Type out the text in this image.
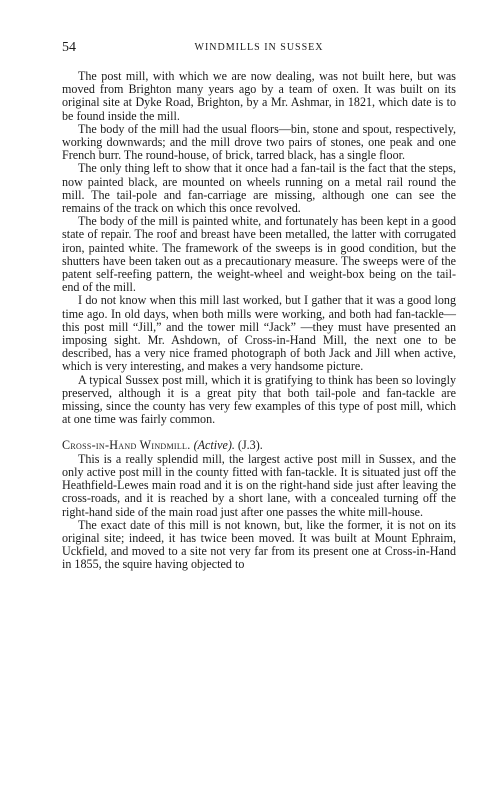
54	WINDMILLS IN SUSSEX

The post mill, with which we are now dealing, was not built here, but was moved from Brighton many years ago by a team of oxen. It was built on its original site at Dyke Road, Brighton, by a Mr. Ashmar, in 1821, which date is to be found inside the mill.

The body of the mill had the usual floors—bin, stone and spout, respectively, working downwards; and the mill drove two pairs of stones, one peak and one French burr. The round-house, of brick, tarred black, has a single floor.

The only thing left to show that it once had a fan-tail is the fact that the steps, now painted black, are mounted on wheels running on a metal rail round the mill. The tail-pole and fan-carriage are missing, although one can see the remains of the track on which this once revolved.

The body of the mill is painted white, and fortunately has been kept in a good state of repair. The roof and breast have been metalled, the latter with corrugated iron, painted white. The framework of the sweeps is in good condition, but the shutters have been taken out as a precautionary measure. The sweeps were of the patent self-reefing pattern, the weight-wheel and weight-box being on the tail-end of the mill.

I do not know when this mill last worked, but I gather that it was a good long time ago. In old days, when both mills were working, and both had fan-tackle—this post mill “Jill,” and the tower mill “Jack” —they must have presented an imposing sight. Mr. Ashdown, of Cross-in-Hand Mill, the next one to be described, has a very nice framed photograph of both Jack and Jill when active, which is very interesting, and makes a very handsome picture.

A typical Sussex post mill, which it is gratifying to think has been so lovingly preserved, although it is a great pity that both tail-pole and fan-tackle are missing, since the county has very few examples of this type of post mill, which at one time was fairly common.

Cross-in-Hand Windmill. (Active). (J.3).

This is a really splendid mill, the largest active post mill in Sussex, and the only active post mill in the county fitted with fan-tackle. It is situated just off the Heathfield-Lewes main road and it is on the right-hand side just after leaving the cross-roads, and it is reached by a short lane, with a concealed turning off the right-hand side of the main road just after one passes the white mill-house.

The exact date of this mill is not known, but, like the former, it is not on its original site; indeed, it has twice been moved. It was built at Mount Ephraim, Uckfield, and moved to a site not very far from its present one at Cross-in-Hand in 1855, the squire having objected to
